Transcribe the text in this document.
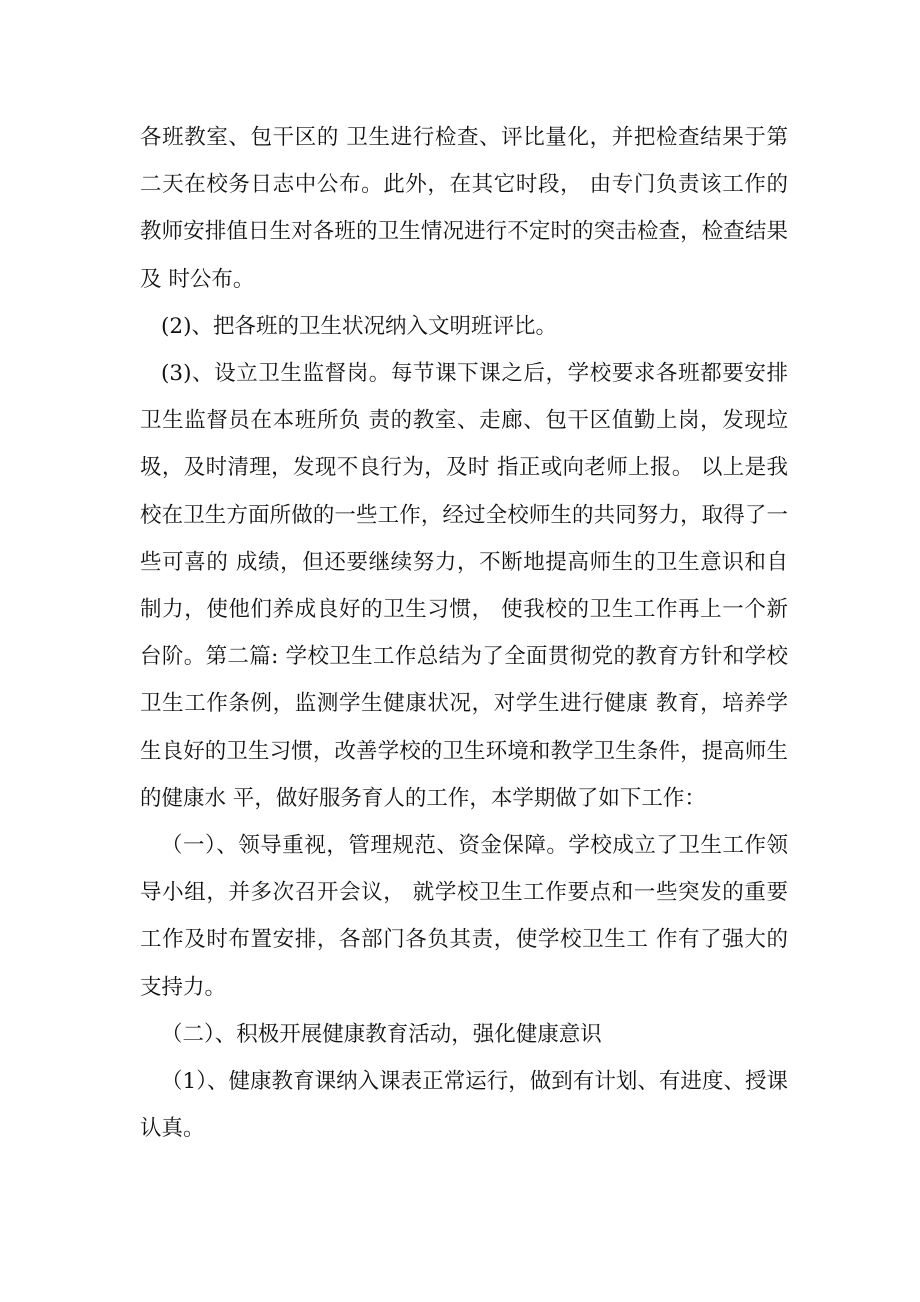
各班教室、包干区的 卫生进行检查、评比量化，并把检查结果于第二天在校务日志中公布。此外，在其它时段， 由专门负责该工作的教师安排值日生对各班的卫生情况进行不定时的突击检查，检查结果及 时公布。

(2)、把各班的卫生状况纳入文明班评比。

(3)、设立卫生监督岗。每节课下课之后，学校要求各班都要安排卫生监督员在本班所负 责的教室、走廊、包干区值勤上岗，发现垃圾，及时清理，发现不良行为，及时 指正或向老师上报。 以上是我校在卫生方面所做的一些工作，经过全校师生的共同努力，取得了一些可喜的 成绩，但还要继续努力，不断地提高师生的卫生意识和自制力，使他们养成良好的卫生习惯， 使我校的卫生工作再上一个新台阶。第二篇: 学校卫生工作总结为了全面贯彻党的教育方针和学校卫生工作条例，监测学生健康状况，对学生进行健康 教育，培养学生良好的卫生习惯，改善学校的卫生环境和教学卫生条件，提高师生的健康水 平，做好服务育人的工作，本学期做了如下工作：

（一）、领导重视，管理规范、资金保障。学校成立了卫生工作领导小组，并多次召开会议， 就学校卫生工作要点和一些突发的重要工作及时布置安排，各部门各负其责，使学校卫生工 作有了强大的支持力。

（二）、积极开展健康教育活动，强化健康意识

（1）、健康教育课纳入课表正常运行，做到有计划、有进度、授课认真。
